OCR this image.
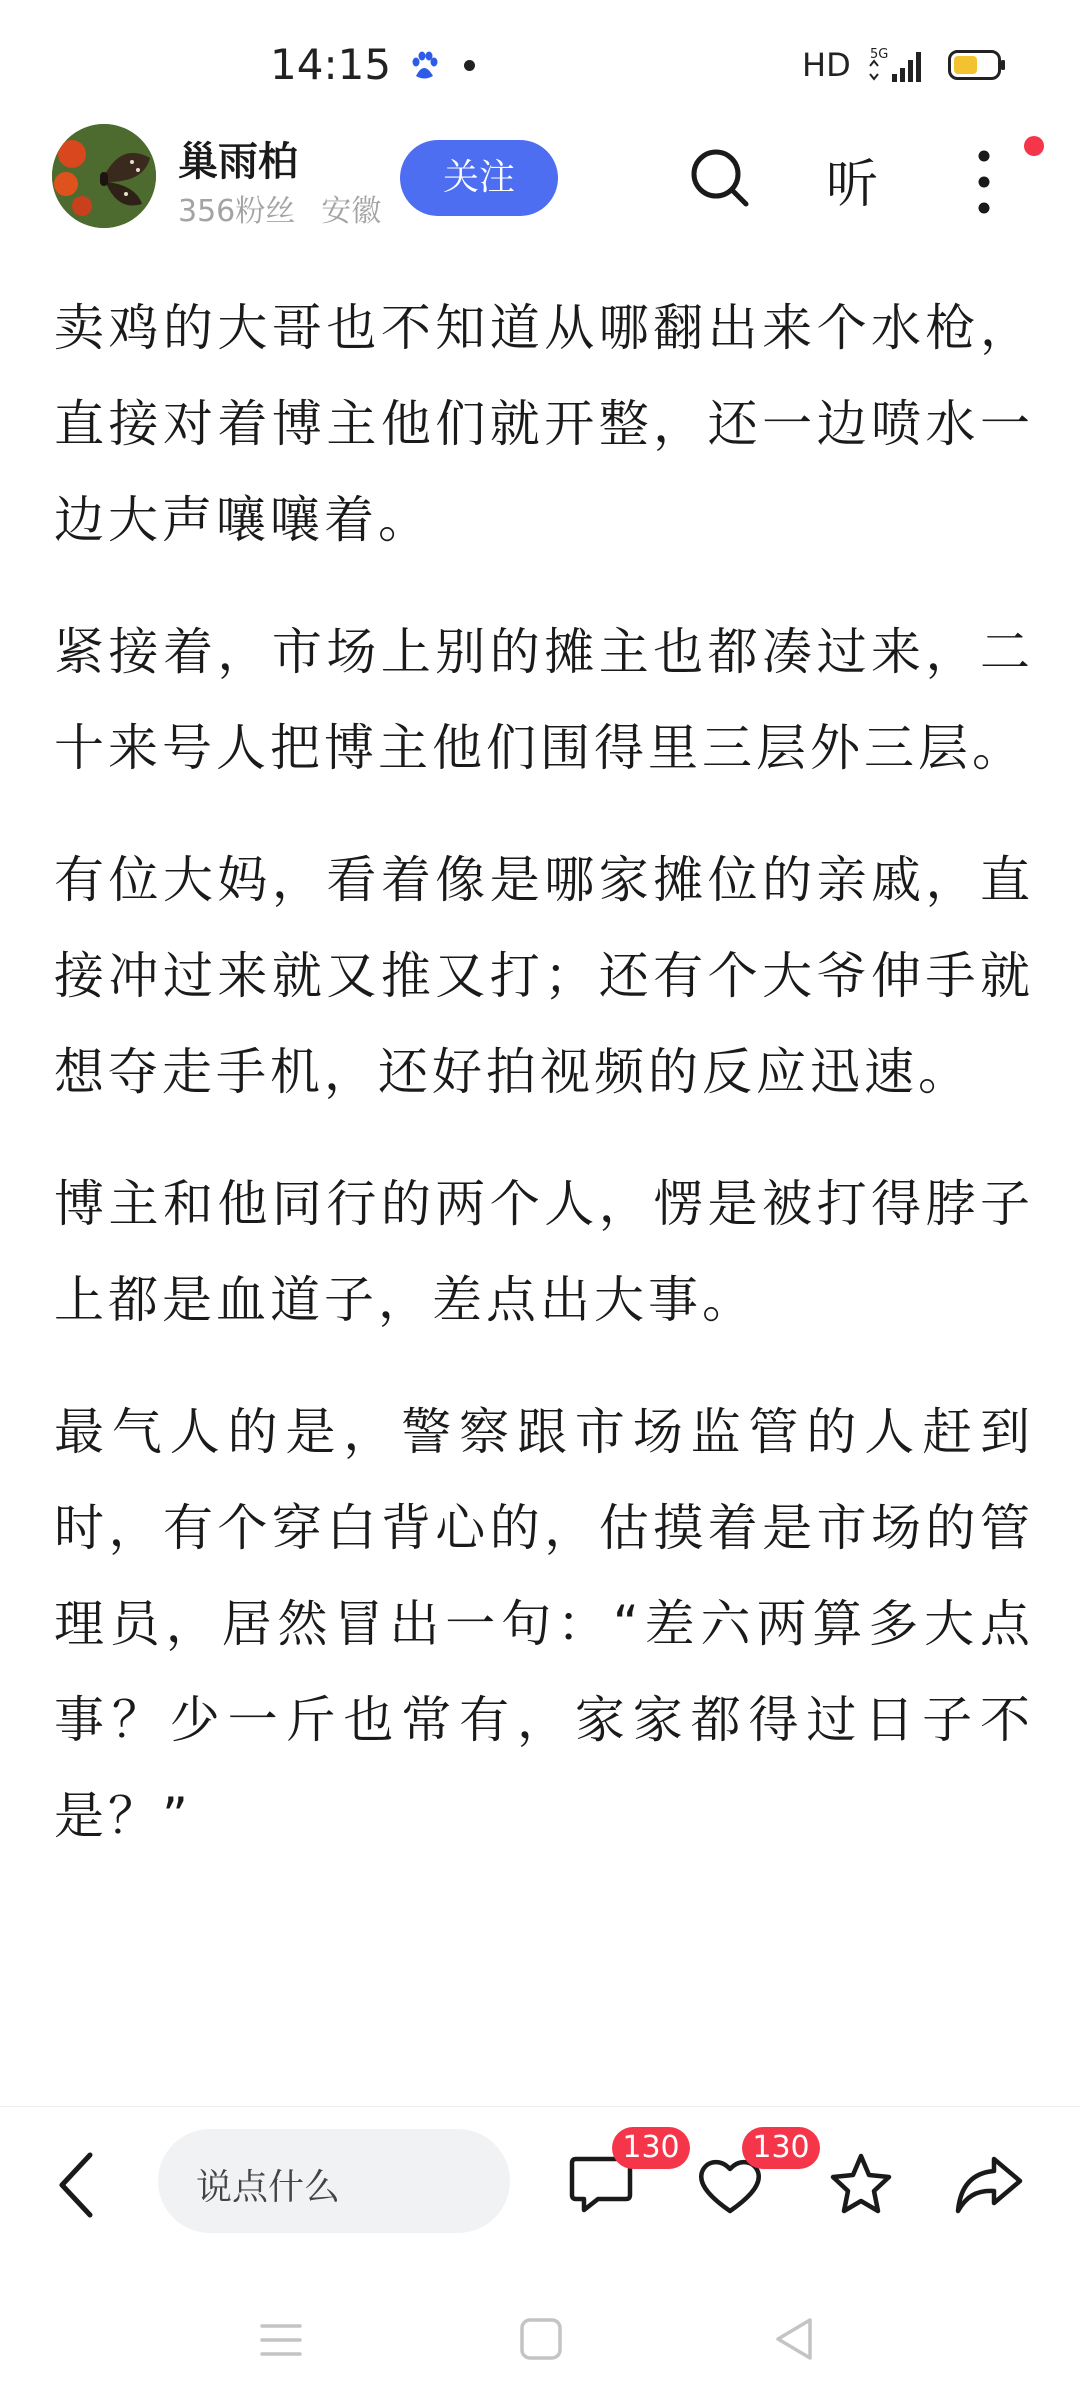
14:15	HD 5G
巢雨柏
356粉丝 安徽
关注	听

卖鸡的大哥也不知道从哪翻出来个水枪，直接对着博主他们就开整，还一边喷水一边大声嚷嚷着。

紧接着，市场上别的摊主也都凑过来，二十来号人把博主他们围得里三层外三层。

有位大妈，看着像是哪家摊位的亲戚，直接冲过来就又推又打；还有个大爷伸手就想夺走手机，还好拍视频的反应迅速。

博主和他同行的两个人，愣是被打得脖子上都是血道子，差点出大事。

最气人的是，警察跟市场监管的人赶到时，有个穿白背心的，估摸着是市场的管理员，居然冒出一句：“差六两算多大点事？少一斤也常有，家家都得过日子不是？”

说点什么
130	130
